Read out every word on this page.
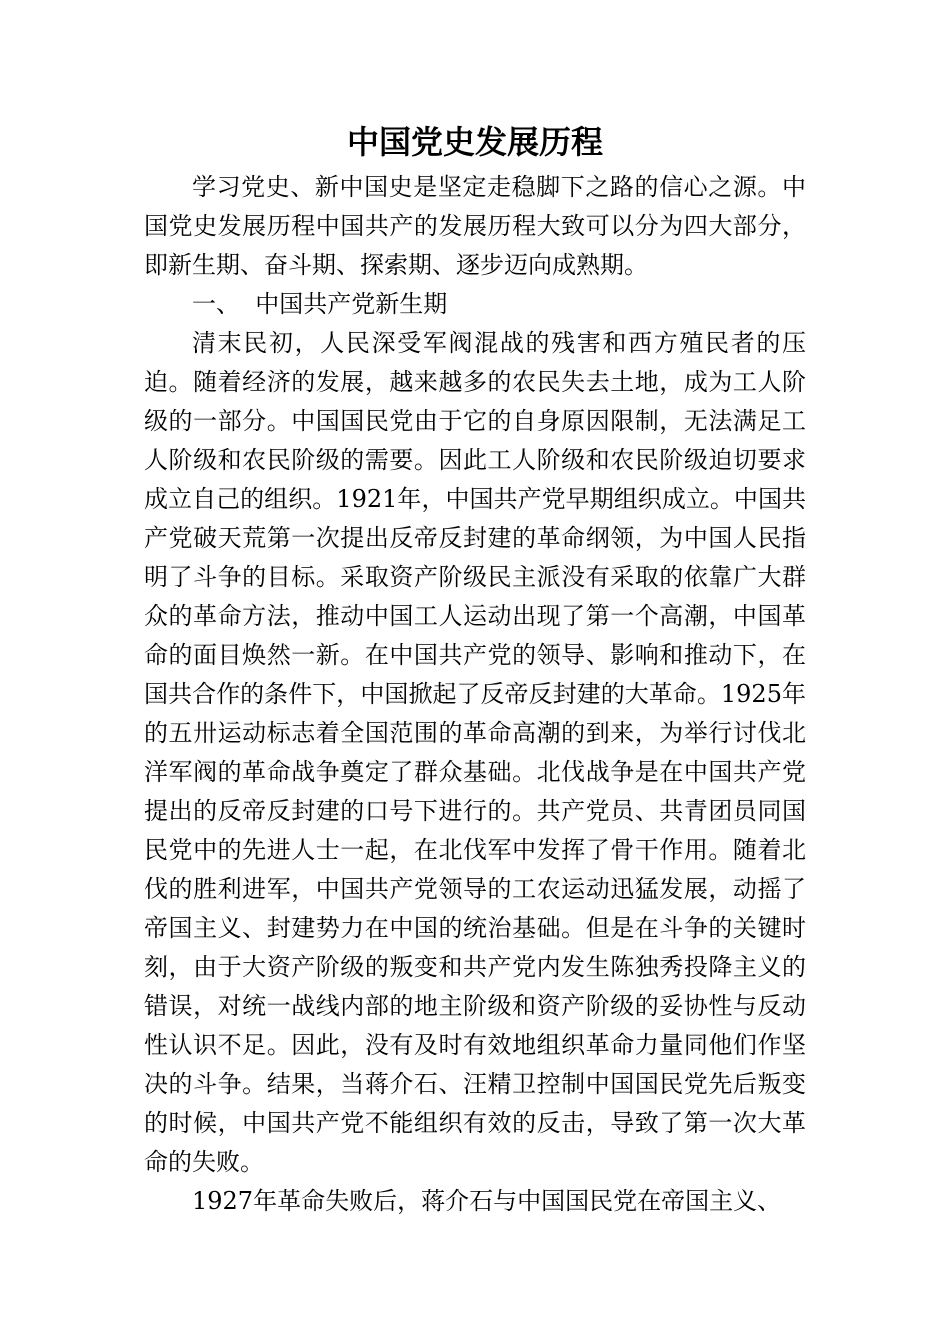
中国党史发展历程

学习党史、新中国史是坚定走稳脚下之路的信心之源。中国党史发展历程中国共产的发展历程大致可以分为四大部分，即新生期、奋斗期、探索期、逐步迈向成熟期。

一、  中国共产党新生期

清末民初，人民深受军阀混战的残害和西方殖民者的压迫。随着经济的发展，越来越多的农民失去土地，成为工人阶级的一部分。中国国民党由于它的自身原因限制，无法满足工人阶级和农民阶级的需要。因此工人阶级和农民阶级迫切要求成立自己的组织。1921年，中国共产党早期组织成立。中国共产党破天荒第一次提出反帝反封建的革命纲领，为中国人民指明了斗争的目标。采取资产阶级民主派没有采取的依靠广大群众的革命方法，推动中国工人运动出现了第一个高潮，中国革命的面目焕然一新。在中国共产党的领导、影响和推动下，在国共合作的条件下，中国掀起了反帝反封建的大革命。1925年的五卅运动标志着全国范围的革命高潮的到来，为举行讨伐北洋军阀的革命战争奠定了群众基础。北伐战争是在中国共产党提出的反帝反封建的口号下进行的。共产党员、共青团员同国民党中的先进人士一起，在北伐军中发挥了骨干作用。随着北伐的胜利进军，中国共产党领导的工农运动迅猛发展，动摇了帝国主义、封建势力在中国的统治基础。但是在斗争的关键时刻，由于大资产阶级的叛变和共产党内发生陈独秀投降主义的错误，对统一战线内部的地主阶级和资产阶级的妥协性与反动性认识不足。因此，没有及时有效地组织革命力量同他们作坚决的斗争。结果，当蒋介石、汪精卫控制中国国民党先后叛变的时候，中国共产党不能组织有效的反击，导致了第一次大革命的失败。

1927年革命失败后，蒋介石与中国国民党在帝国主义、
